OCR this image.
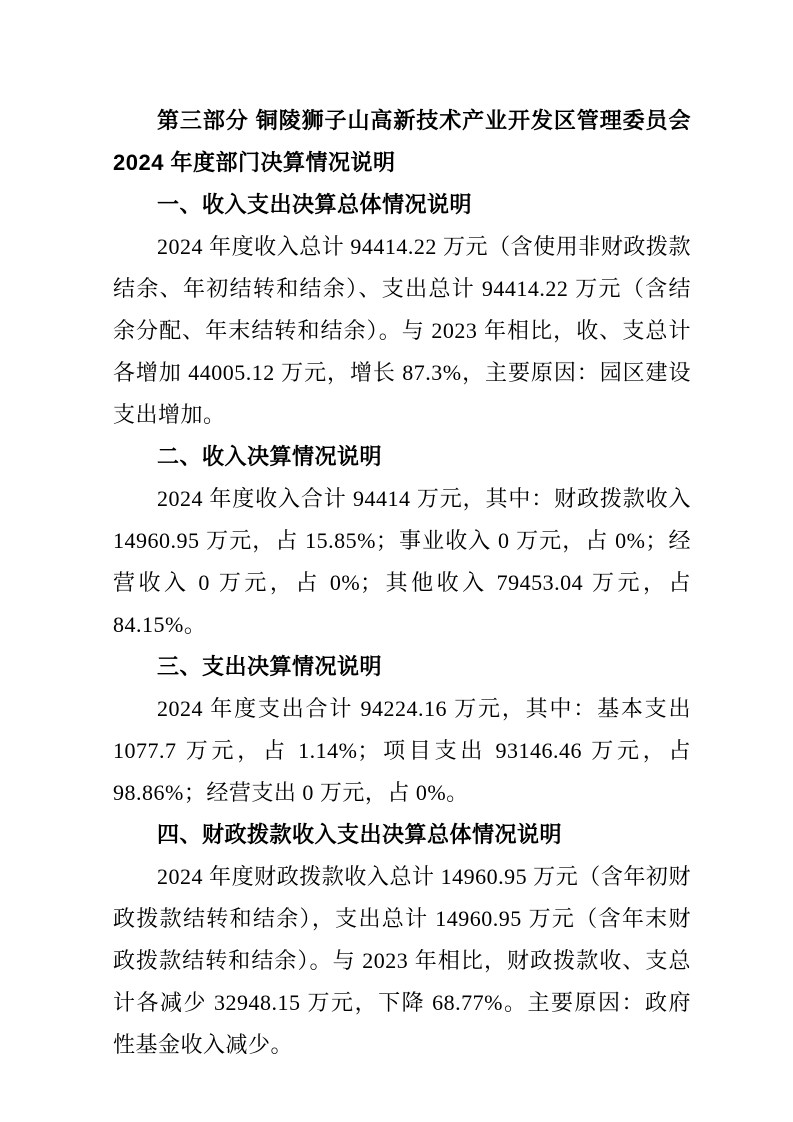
第三部分 铜陵狮子山高新技术产业开发区管理委员会 2024 年度部门决算情况说明

一、收入支出决算总体情况说明

2024 年度收入总计 94414.22 万元（含使用非财政拨款结余、年初结转和结余）、支出总计 94414.22 万元（含结余分配、年末结转和结余）。与 2023 年相比，收、支总计各增加 44005.12 万元，增长 87.3%，主要原因：园区建设支出增加。

二、收入决算情况说明

2024 年度收入合计 94414 万元，其中：财政拨款收入 14960.95 万元，占 15.85%；事业收入 0 万元，占 0%；经营收入 0 万元，占 0%；其他收入 79453.04 万元，占 84.15%。

三、支出决算情况说明

2024 年度支出合计 94224.16 万元，其中：基本支出 1077.7 万元，占 1.14%；项目支出 93146.46 万元，占 98.86%；经营支出 0 万元，占 0%。

四、财政拨款收入支出决算总体情况说明

2024 年度财政拨款收入总计 14960.95 万元（含年初财政拨款结转和结余），支出总计 14960.95 万元（含年末财政拨款结转和结余）。与 2023 年相比，财政拨款收、支总计各减少 32948.15 万元，下降 68.77%。主要原因：政府性基金收入减少。
